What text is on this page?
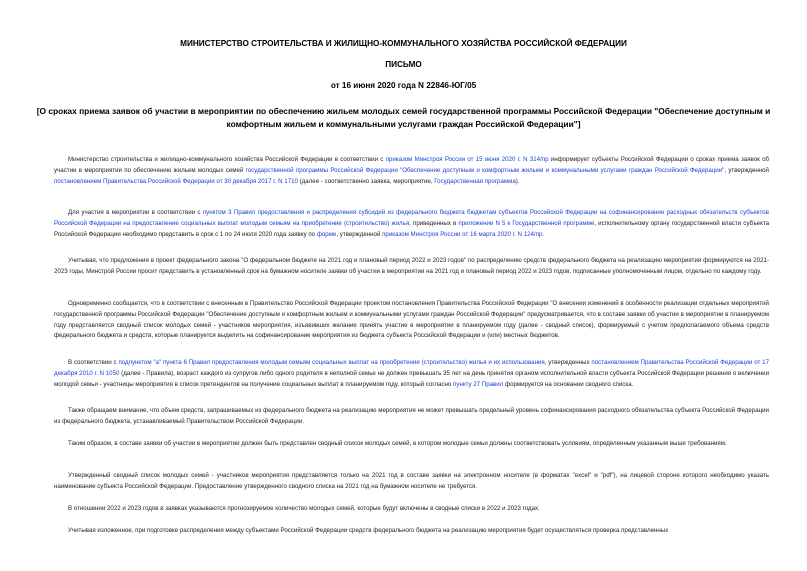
МИНИСТЕРСТВО СТРОИТЕЛЬСТВА И ЖИЛИЩНО-КОММУНАЛЬНОГО ХОЗЯЙСТВА РОССИЙСКОЙ ФЕДЕРАЦИИ
ПИСЬМО
от 16 июня 2020 года N 22846-ЮГ/05
[О сроках приема заявок об участии в мероприятии по обеспечению жильем молодых семей государственной программы Российской Федерации "Обеспечение доступным и комфортным жильем и коммунальными услугами граждан Российской Федерации"]

Министерство строительства и жилищно-коммунального хозяйства Российской Федерации в соответствии с приказом Минстроя России от 15 июня 2020 г. N 314/пр информирует субъекты Российской Федерации о сроках приема заявок об участии в мероприятии по обеспечению жильем молодых семей государственной программы Российской Федерации "Обеспечение доступным и комфортным жильем и коммунальными услугами граждан Российской Федерации", утвержденной постановлением Правительства Российской Федерации от 30 декабря 2017 г. N 1710 (далее - соответственно заявка, мероприятие, Государственная программа).

Для участия в мероприятии в соответствии с пунктом 3 Правил предоставления и распределения субсидий из федерального бюджета бюджетам субъектов Российской Федерации на софинансирование расходных обязательств субъектов Российской Федерации на предоставление социальных выплат молодым семьям на приобретение (строительство) жилья, приведенных в приложении N 5 к Государственной программе, исполнительному органу государственной власти субъекта Российской Федерации необходимо представить в срок с 1 по 24 июля 2020 года заявку по форме, утвержденной приказом Минстроя России от 16 марта 2020 г. N 124/пр.

Учитывая, что предложения в проект федерального закона "О федеральном бюджете на 2021 год и плановый период 2022 и 2023 годов" по распределению средств федерального бюджета на реализацию мероприятия формируются на 2021-2023 годы, Минстрой России просит представить в установленный срок на бумажном носителе заявки об участии в мероприятии на 2021 год и плановый период 2022 и 2023 годов, подписанные уполномоченным лицом, отдельно по каждому году.

Одновременно сообщается, что в соответствии с внесенным в Правительство Российской Федерации проектом постановления Правительства Российской Федерации "О внесении изменений в особенности реализации отдельных мероприятий государственной программы Российской Федерации "Обеспечение доступным и комфортным жильем и коммунальными услугами граждан Российской Федерации" предусматривается, что в составе заявки об участии в мероприятии в планируемом году представляется сводный список молодых семей - участников мероприятия, изъявивших желание принять участие в мероприятии в планируемом году (далее - сводный список), формируемый с учетом предполагаемого объема средств федерального бюджета и средств, которые планируется выделить на софинансирование мероприятия из бюджета субъекта Российской Федерации и (или) местных бюджетов.

В соответствии с подпунктом "а" пункта 6 Правил предоставления молодым семьям социальных выплат на приобретение (строительство) жилья и их использования, утвержденных постановлением Правительства Российской Федерации от 17 декабря 2010 г. N 1050 (далее - Правила), возраст каждого из супругов либо одного родителя в неполной семье не должен превышать 35 лет на день принятия органом исполнительной власти субъекта Российской Федерации решения о включении молодой семьи - участницы мероприятия в список претендентов на получение социальных выплат в планируемом году, который согласно пункту 27 Правил формируется на основании сводного списка.

Также обращаем внимание, что объем средств, запрашиваемых из федерального бюджета на реализацию мероприятия не может превышать предельный уровень софинансирования расходного обязательства субъекта Российской Федерации из федерального бюджета, устанавливаемый Правительством Российской Федерации.

Таким образом, в составе заявки об участии в мероприятии должен быть представлен сводный список молодых семей, в котором молодые семьи должны соответствовать условиям, определенным указанным выше требованиям.

Утвержденный сводный список молодых семей - участников мероприятия представляется только на 2021 год в составе заявки на электронном носителе (в форматах "excel" и "pdf"), на лицевой стороне которого необходимо указать наименование субъекта Российской Федерации. Предоставление утвержденного сводного списка на 2021 год на бумажном носителе не требуется.

В отношении 2022 и 2023 годов в заявках указываются прогнозируемое количество молодых семей, которые будут включены в сводные списки в 2022 и 2023 годах.

Учитывая изложенное, при подготовке распределения между субъектами Российской Федерации средств федерального бюджета на реализацию мероприятия будет осуществляться проверка представленных
